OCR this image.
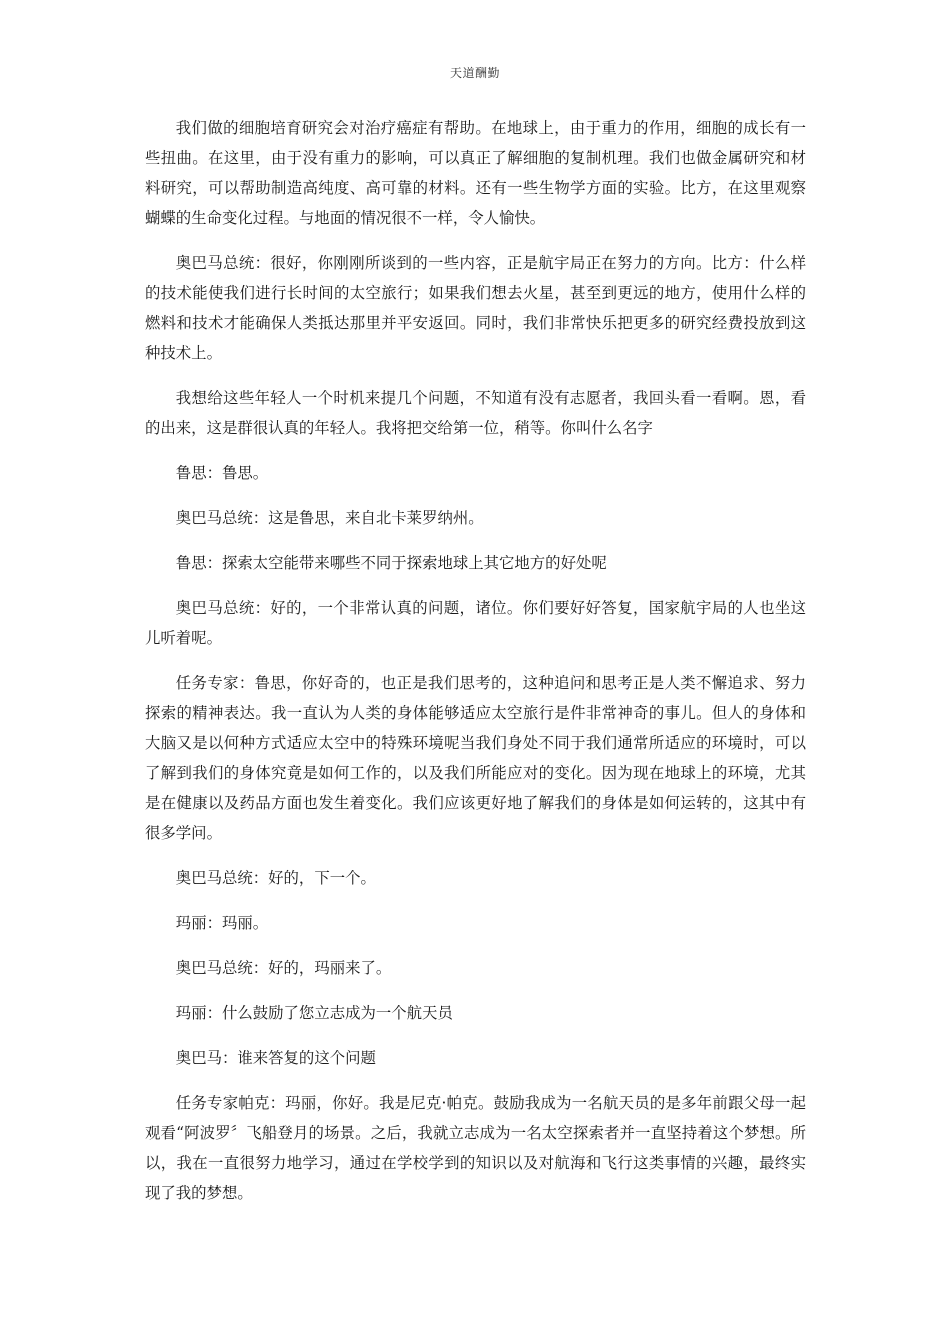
天道酬勤

我们做的细胞培育研究会对治疗癌症有帮助。在地球上，由于重力的作用，细胞的成长有一些扭曲。在这里，由于没有重力的影响，可以真正了解细胞的复制机理。我们也做金属研究和材料研究，可以帮助制造高纯度、高可靠的材料。还有一些生物学方面的实验。比方，在这里观察蝴蝶的生命变化过程。与地面的情况很不一样，令人愉快。

奥巴马总统：很好，你刚刚所谈到的一些内容，正是航宇局正在努力的方向。比方：什么样的技术能使我们进行长时间的太空旅行；如果我们想去火星，甚至到更远的地方，使用什么样的燃料和技术才能确保人类抵达那里并平安返回。同时，我们非常快乐把更多的研究经费投放到这种技术上。

我想给这些年轻人一个时机来提几个问题，不知道有没有志愿者，我回头看一看啊。恩，看的出来，这是群很认真的年轻人。我将把交给第一位，稍等。你叫什么名字

鲁思：鲁思。

奥巴马总统：这是鲁思，来自北卡莱罗纳州。

鲁思：探索太空能带来哪些不同于探索地球上其它地方的好处呢

奥巴马总统：好的，一个非常认真的问题，诸位。你们要好好答复，国家航宇局的人也坐这儿听着呢。

任务专家：鲁思，你好奇的，也正是我们思考的，这种追问和思考正是人类不懈追求、努力探索的精神表达。我一直认为人类的身体能够适应太空旅行是件非常神奇的事儿。但人的身体和大脑又是以何种方式适应太空中的特殊环境呢当我们身处不同于我们通常所适应的环境时，可以了解到我们的身体究竟是如何工作的，以及我们所能应对的变化。因为现在地球上的环境，尤其是在健康以及药品方面也发生着变化。我们应该更好地了解我们的身体是如何运转的，这其中有很多学问。

奥巴马总统：好的，下一个。

玛丽：玛丽。

奥巴马总统：好的，玛丽来了。

玛丽：什么鼓励了您立志成为一个航天员

奥巴马：谁来答复的这个问题

任务专家帕克：玛丽，你好。我是尼克·帕克。鼓励我成为一名航天员的是多年前跟父母一起观看“阿波罗〞飞船登月的场景。之后，我就立志成为一名太空探索者并一直坚持着这个梦想。所以，我在一直很努力地学习，通过在学校学到的知识以及对航海和飞行这类事情的兴趣，最终实现了我的梦想。
